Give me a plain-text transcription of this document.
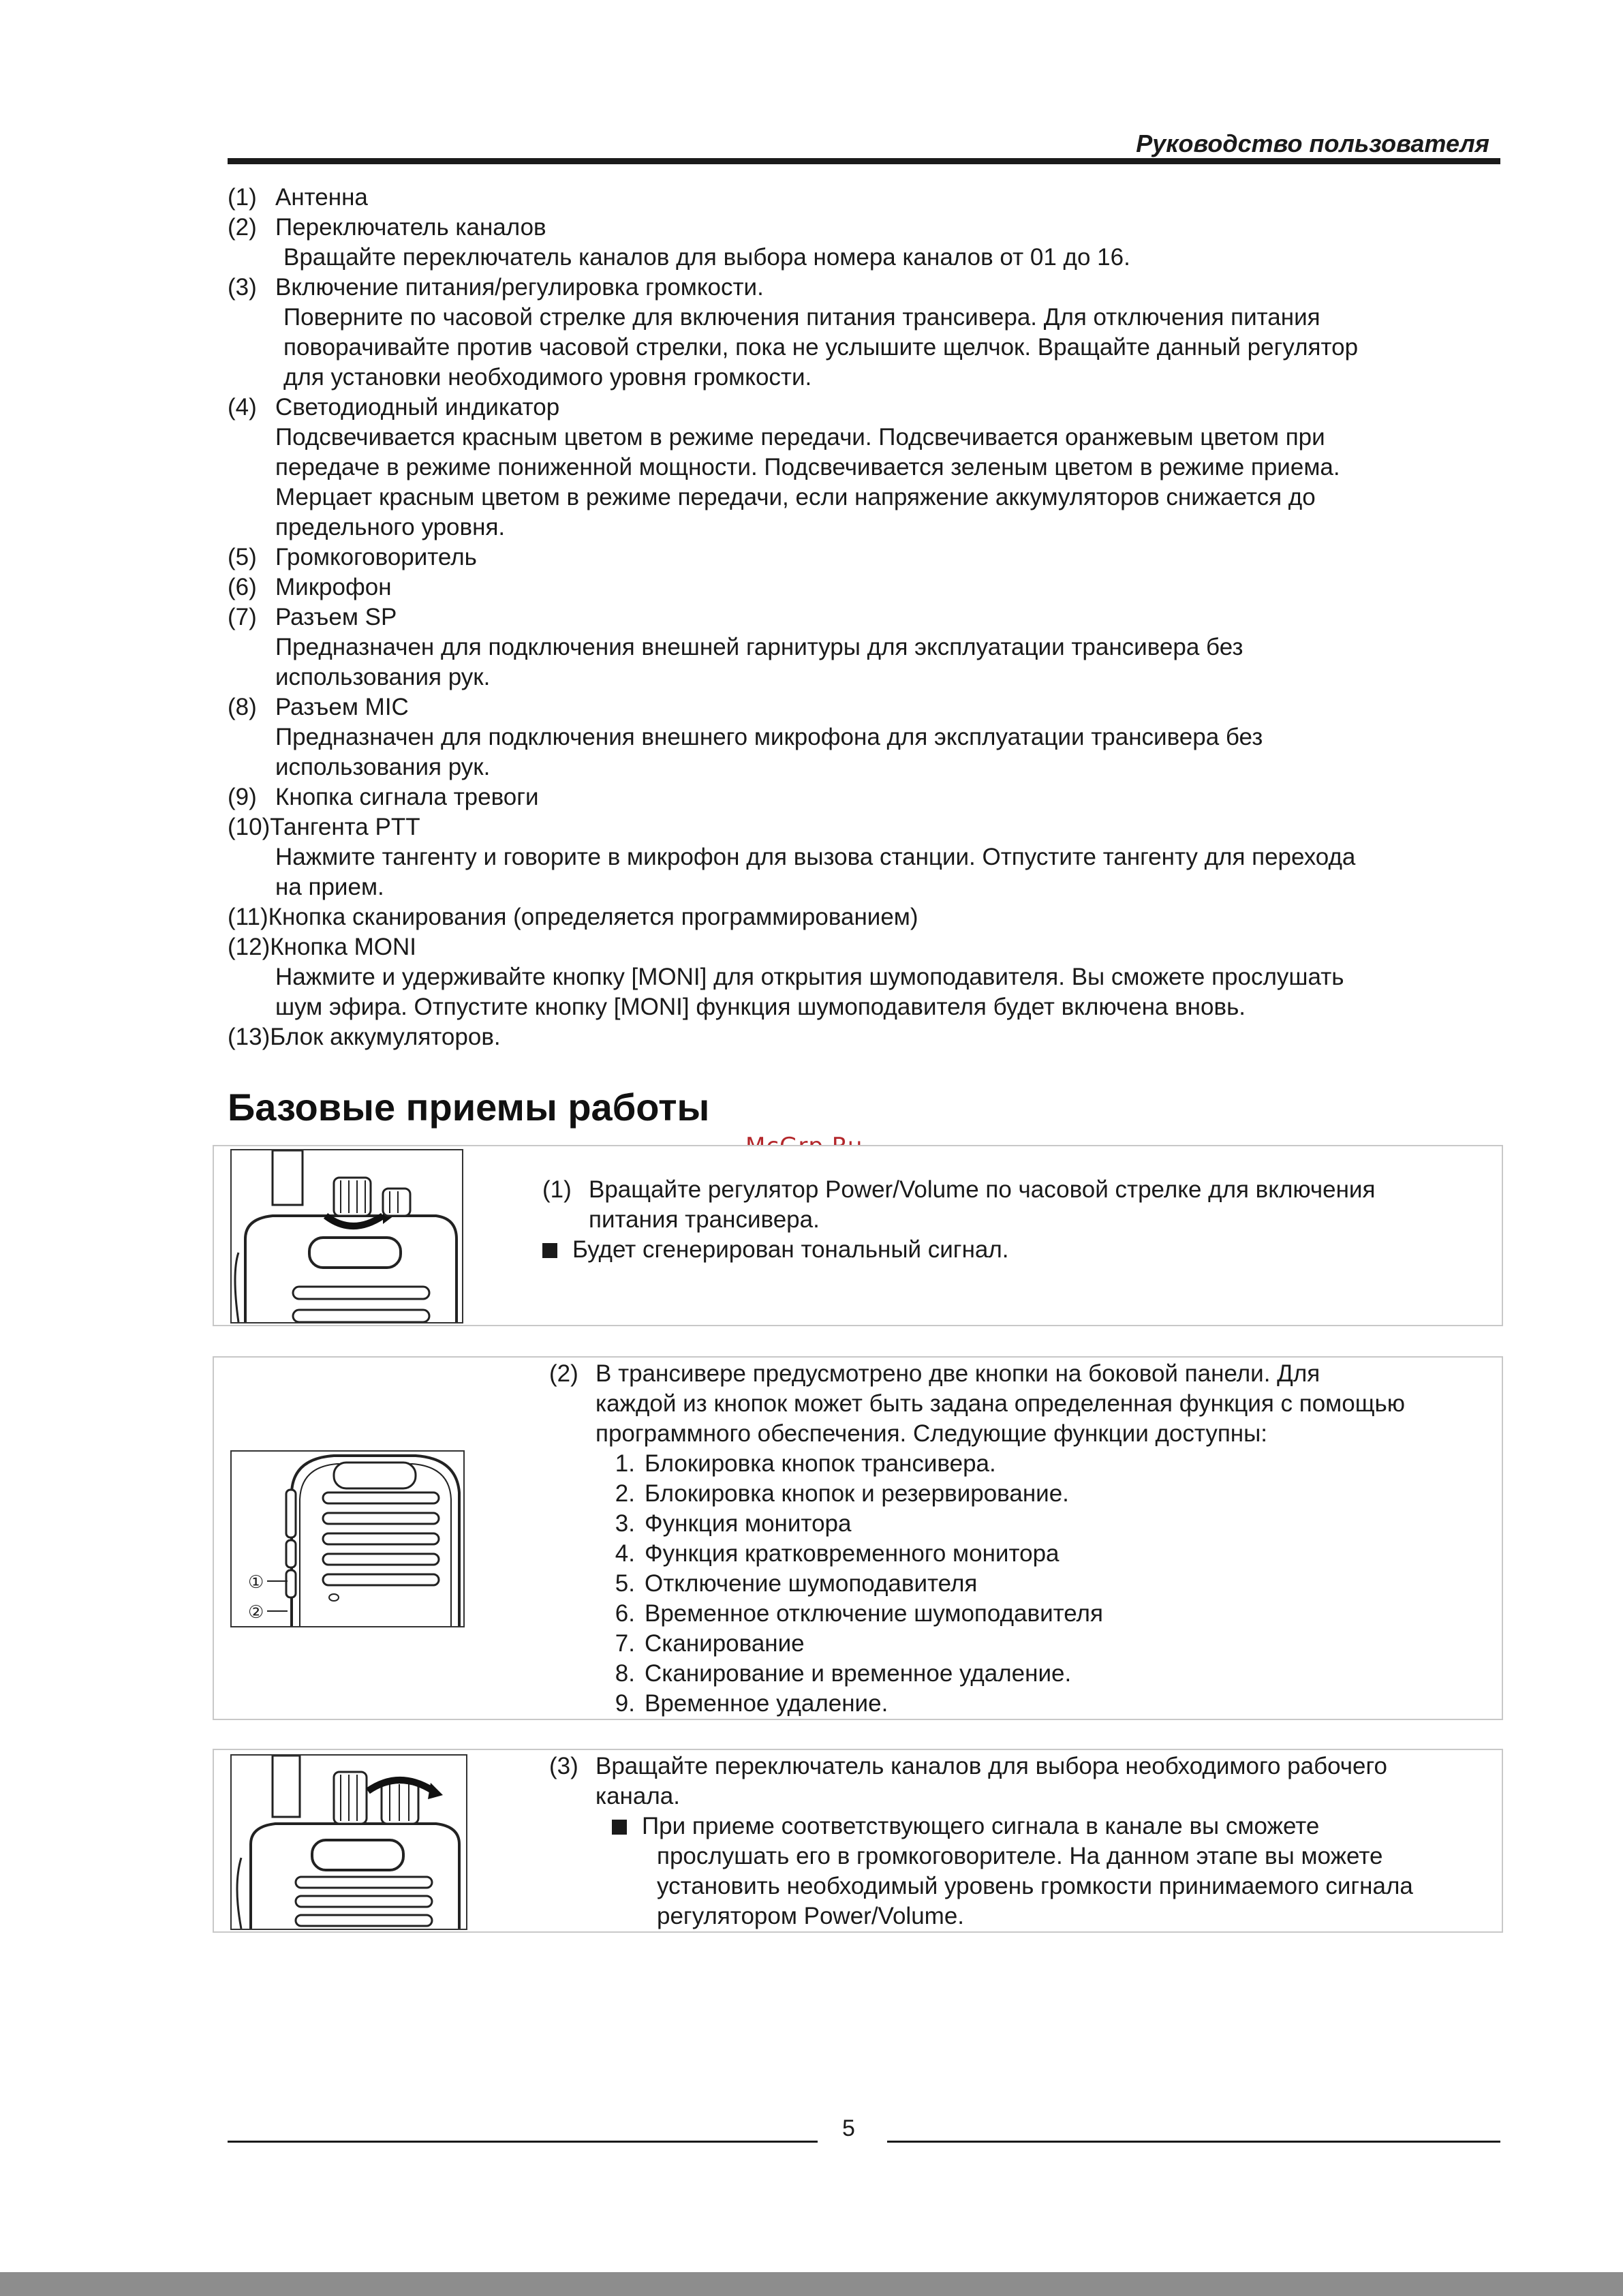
Руководство пользователя
(1) Антенна
(2) Переключатель каналов
Вращайте переключатель каналов для выбора номера каналов от 01 до 16.
(3) Включение питания/регулировка громкости.
Поверните по часовой стрелке для включения питания трансивера. Для отключения питания
поворачивайте против часовой стрелки, пока не услышите щелчок. Вращайте данный регулятор
для установки необходимого уровня громкости.
(4) Светодиодный индикатор
Подсвечивается красным цветом в режиме передачи. Подсвечивается оранжевым цветом при
передаче в режиме пониженной мощности. Подсвечивается зеленым цветом в режиме приема.
Мерцает красным цветом в режиме передачи, если напряжение аккумуляторов снижается до
предельного уровня.
(5) Громкоговоритель
(6) Микрофон
(7) Разъем SP
Предназначен для подключения внешней гарнитуры для эксплуатации трансивера без
использования рук.
(8) Разъем MIC
Предназначен для подключения внешнего микрофона для эксплуатации трансивера без
использования рук.
(9) Кнопка сигнала тревоги
(10)Тангента PTT
Нажмите тангенту и говорите в микрофон для вызова станции. Отпустите тангенту для перехода
на прием.
(11)Кнопка сканирования (определяется программированием)
(12)Кнопка MONI
Нажмите и удерживайте кнопку [MONI] для открытия шумоподавителя. Вы сможете прослушать
шум эфира. Отпустите кнопку [MONI] функция шумоподавителя будет включена вновь.
(13)Блок аккумуляторов.
Базовые приемы работы
(1) Вращайте регулятор Power/Volume по часовой стрелке для включения
питания трансивера.
Будет сгенерирован тональный сигнал.
①
②
(2) В трансивере предусмотрено две кнопки на боковой панели. Для
каждой из кнопок может быть задана определенная функция с помощью
программного обеспечения. Следующие функции доступны:
1. Блокировка кнопок трансивера.
2. Блокировка кнопок и резервирование.
3. Функция монитора
4. Функция кратковременного монитора
5. Отключение шумоподавителя
6. Временное отключение шумоподавителя
7. Сканирование
8. Сканирование и временное удаление.
9. Временное удаление.
(3) Вращайте переключатель каналов для выбора необходимого рабочего
канала.
При приеме соответствующего сигнала в канале вы сможете
прослушать его в громкоговорителе. На данном этапе вы можете
установить необходимый уровень громкости принимаемого сигнала
регулятором Power/Volume.
5
